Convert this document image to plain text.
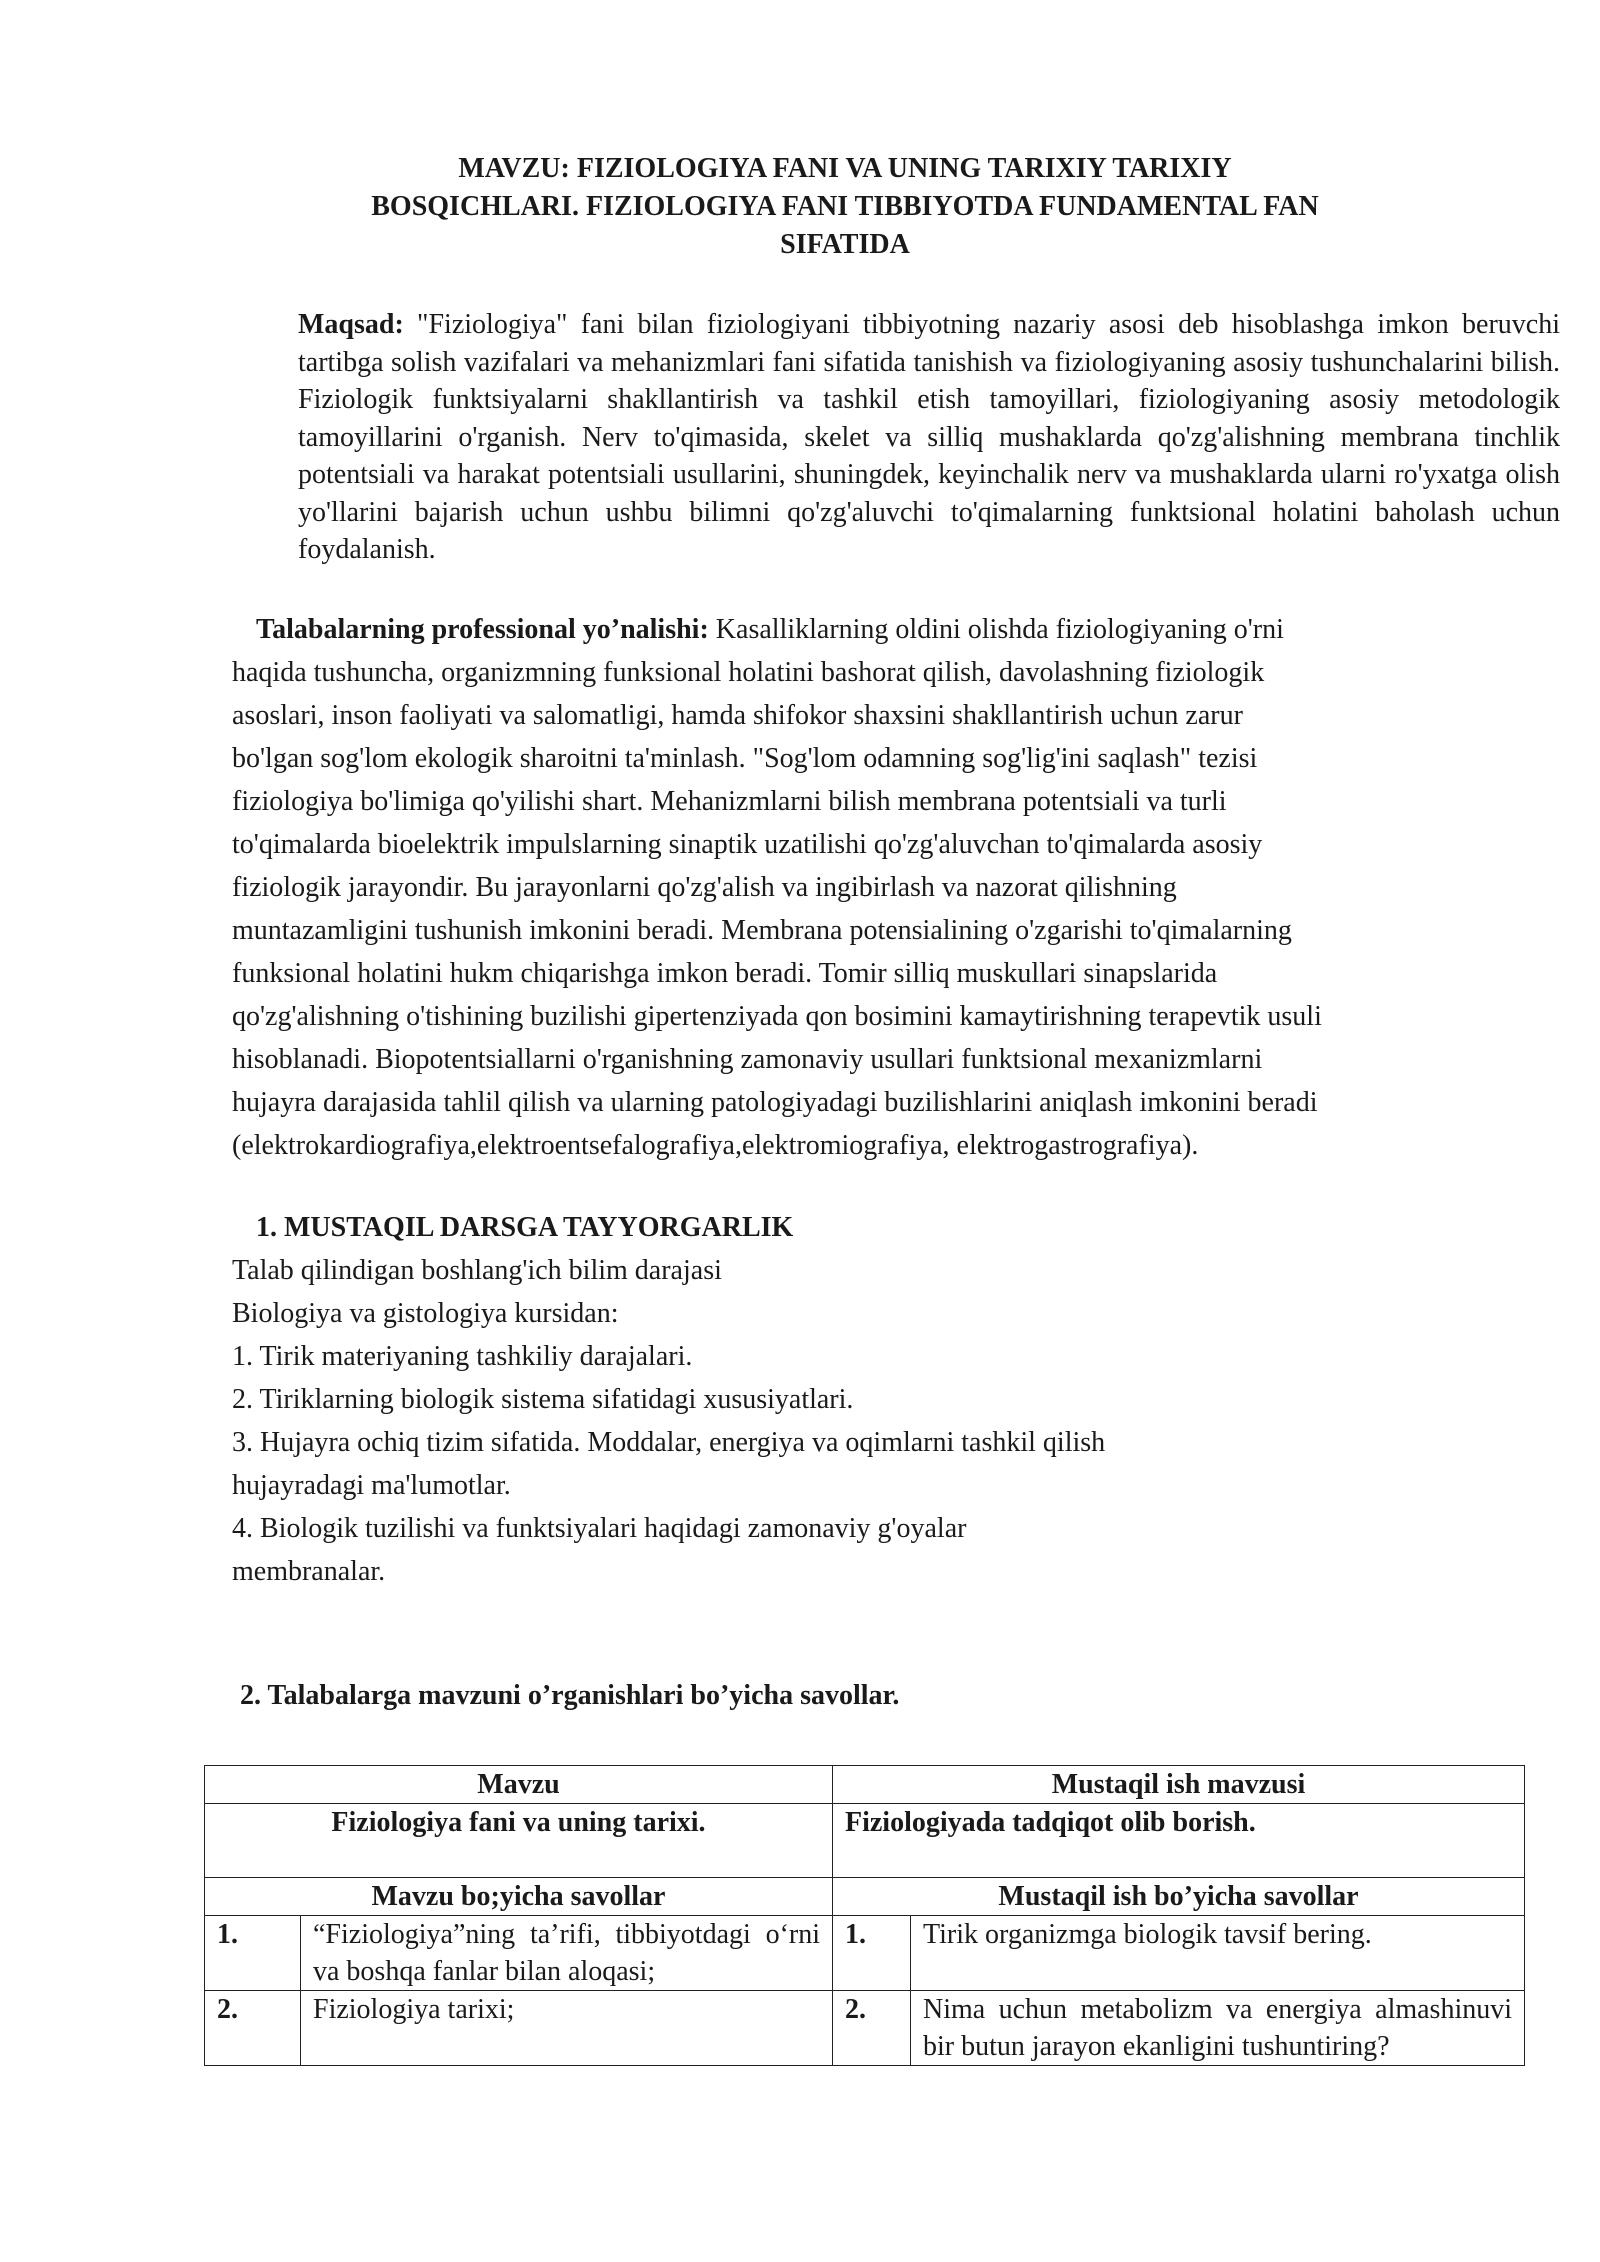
MAVZU: FIZIOLOGIYA FANI VA UNING TARIXIY TARIXIY
BOSQICHLARI. FIZIOLOGIYA FANI TIBBIYOTDA FUNDAMENTAL FAN
SIFATIDA
Maqsad: "Fiziologiya" fani bilan fiziologiyani tibbiyotning nazariy asosi deb hisoblashga imkon beruvchi tartibga solish vazifalari va mehanizmlari fani sifatida tanishish va fiziologiyaning asosiy tushunchalarini bilish. Fiziologik funktsiyalarni shakllantirish va tashkil etish tamoyillari, fiziologiyaning asosiy metodologik tamoyillarini o'rganish. Nerv to'qimasida, skelet va silliq mushaklarda qo'zg'alishning membrana tinchlik potentsiali va harakat potentsiali usullarini, shuningdek, keyinchalik nerv va mushaklarda ularni ro'yxatga olish yo'llarini bajarish uchun ushbu bilimni qo'zg'aluvchi to'qimalarning funktsional holatini baholash uchun foydalanish.
Talabalarning professional yo’nalishi: Kasalliklarning oldini olishda fiziologiyaning o'rni
haqida tushuncha, organizmning funksional holatini bashorat qilish, davolashning fiziologik
asoslari, inson faoliyati va salomatligi, hamda shifokor shaxsini shakllantirish uchun zarur
bo'lgan sog'lom ekologik sharoitni ta'minlash. "Sog'lom odamning sog'lig'ini saqlash" tezisi
fiziologiya bo'limiga qo'yilishi shart. Mehanizmlarni bilish membrana potentsiali va turli
to'qimalarda bioelektrik impulslarning sinaptik uzatilishi qo'zg'aluvchan to'qimalarda asosiy
fiziologik jarayondir. Bu jarayonlarni qo'zg'alish va ingibirlash va nazorat qilishning
muntazamligini tushunish imkonini beradi. Membrana potensialining o'zgarishi to'qimalarning
funksional holatini hukm chiqarishga imkon beradi. Tomir silliq muskullari sinapslarida
qo'zg'alishning o'tishining buzilishi gipertenziyada qon bosimini kamaytirishning terapevtik usuli
hisoblanadi. Biopotentsiallarni o'rganishning zamonaviy usullari funktsional mexanizmlarni
hujayra darajasida tahlil qilish va ularning patologiyadagi buzilishlarini aniqlash imkonini beradi
(elektrokardiografiya,elektroentsefalografiya,elektromiografiya, elektrogastrografiya).
1. MUSTAQIL DARSGA TAYYORGARLIK
Talab qilindigan boshlang'ich bilim darajasi
Biologiya va gistologiya kursidan:
1. Tirik materiyaning tashkiliy darajalari.
2. Tiriklarning biologik sistema sifatidagi xususiyatlari.
3. Hujayra ochiq tizim sifatida. Moddalar, energiya va oqimlarni tashkil qilish
hujayradagi ma'lumotlar.
4. Biologik tuzilishi va funktsiyalari haqidagi zamonaviy g'oyalar
membranalar.
2. Talabalarga mavzuni o’rganishlari bo’yicha savollar.
Mavzu		Mustaqil ish mavzusi	
Fiziologiya fani va uning tarixi.		Fiziologiyada tadqiqot olib borish.	
Mavzu bo;yicha savollar		Mustaqil ish bo’yicha savollar	
1.	“Fiziologiya”ning ta’rifi, tibbiyotdagi o‘rni va boshqa fanlar bilan aloqasi;	1.	Tirik organizmga biologik tavsif bering.
2.	Fiziologiya tarixi;	2.	Nima uchun metabolizm va energiya almashinuvi bir butun jarayon ekanligini tushuntiring?
